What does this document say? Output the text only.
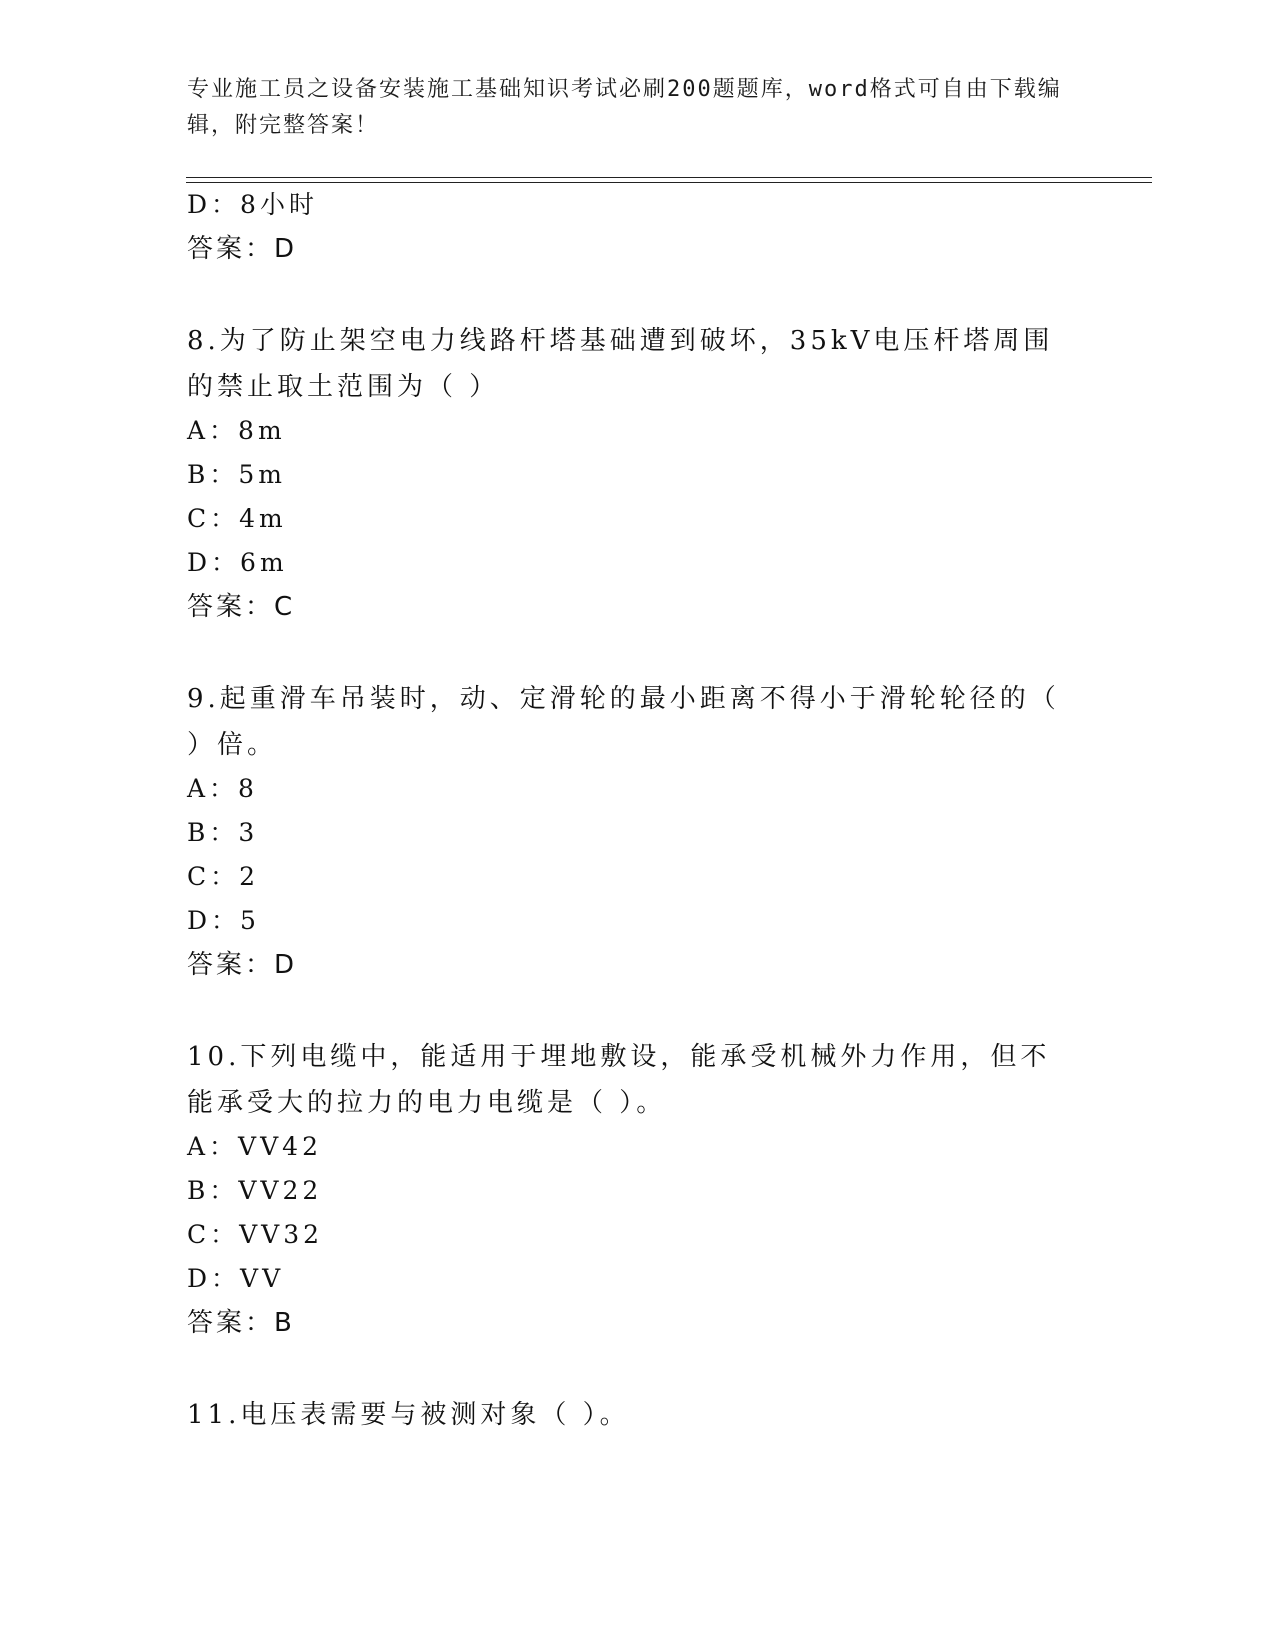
专业施工员之设备安装施工基础知识考试必刷200题题库，word格式可自由下载编辑，附完整答案！
D：8小时
答案：D
8.为了防止架空电力线路杆塔基础遭到破坏，35kV电压杆塔周围的禁止取土范围为（ ）
A：8m
B：5m
C：4m
D：6m
答案：C
9.起重滑车吊装时，动、定滑轮的最小距离不得小于滑轮轮径的（ ）倍。
A：8
B：3
C：2
D：5
答案：D
10.下列电缆中，能适用于埋地敷设，能承受机械外力作用，但不能承受大的拉力的电力电缆是（ ）。
A：VV42
B：VV22
C：VV32
D：VV
答案：B
11.电压表需要与被测对象（ ）。
